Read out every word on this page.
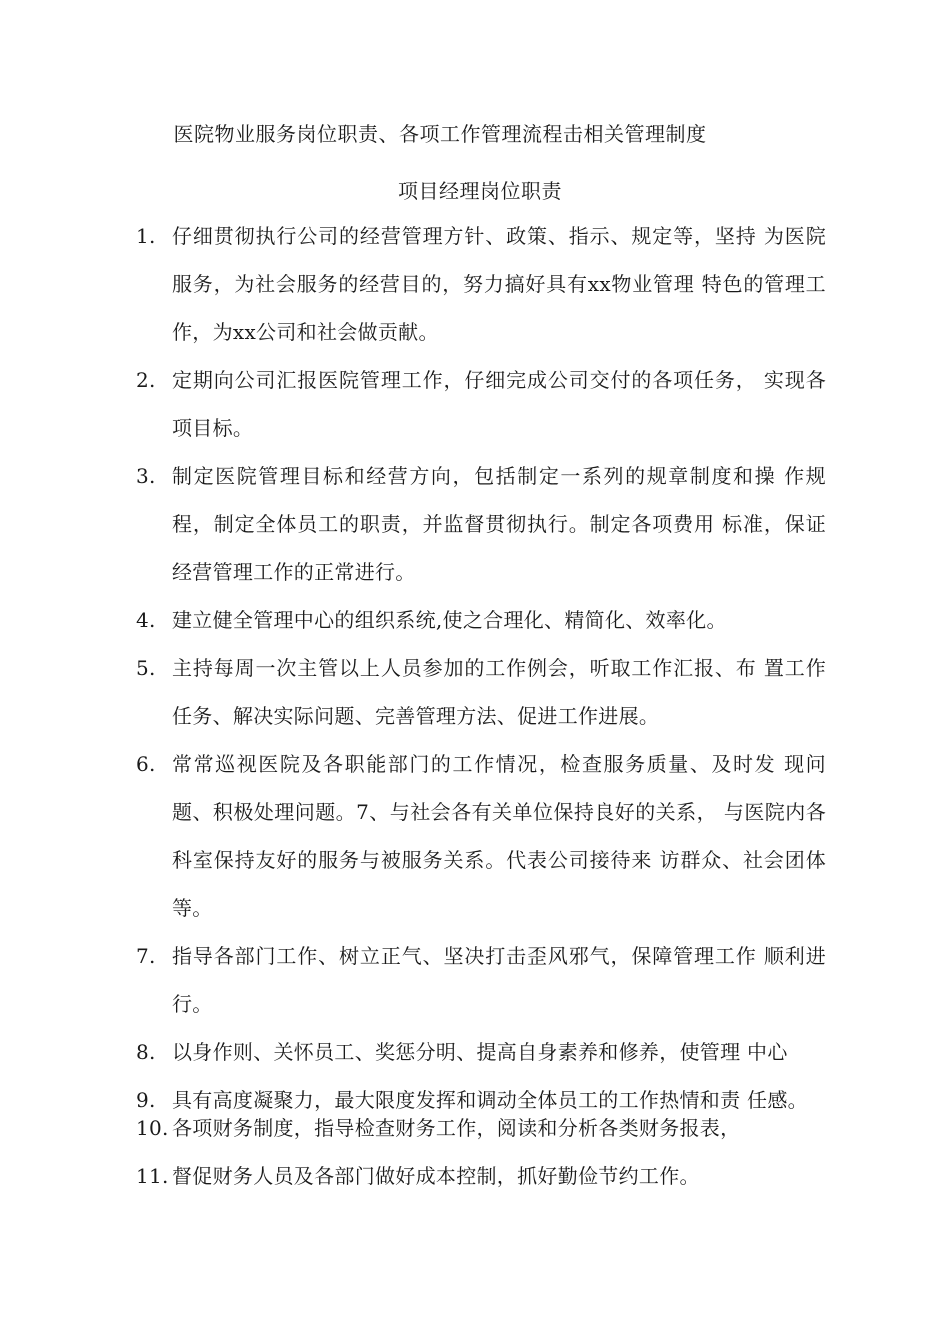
医院物业服务岗位职责、各项工作管理流程击相关管理制度
项目经理岗位职责
1. 仔细贯彻执行公司的经营管理方针、政策、指示、规定等，坚持 为医院服务，为社会服务的经营目的，努力搞好具有xx物业管理 特色的管理工作，为xx公司和社会做贡献。
2. 定期向公司汇报医院管理工作，仔细完成公司交付的各项任务， 实现各项目标。
3. 制定医院管理目标和经营方向，包括制定一系列的规章制度和操 作规程，制定全体员工的职责，并监督贯彻执行。制定各项费用 标准，保证经营管理工作的正常进行。
4. 建立健全管理中心的组织系统,使之合理化、精简化、效率化。
5. 主持每周一次主管以上人员参加的工作例会，听取工作汇报、布 置工作任务、解决实际问题、完善管理方法、促进工作进展。
6. 常常巡视医院及各职能部门的工作情况，检查服务质量、及时发 现问题、积极处理问题。7、与社会各有关单位保持良好的关系， 与医院内各科室保持友好的服务与被服务关系。代表公司接待来 访群众、社会团体等。
7. 指导各部门工作、树立正气、坚决打击歪风邪气，保障管理工作 顺利进行。
8. 以身作则、关怀员工、奖惩分明、提高自身素养和修养，使管理 中心
9. 具有高度凝聚力，最大限度发挥和调动全体员工的工作热情和责 任感。
10. 各项财务制度，指导检查财务工作，阅读和分析各类财务报表，
11. 督促财务人员及各部门做好成本控制，抓好勤俭节约工作。
